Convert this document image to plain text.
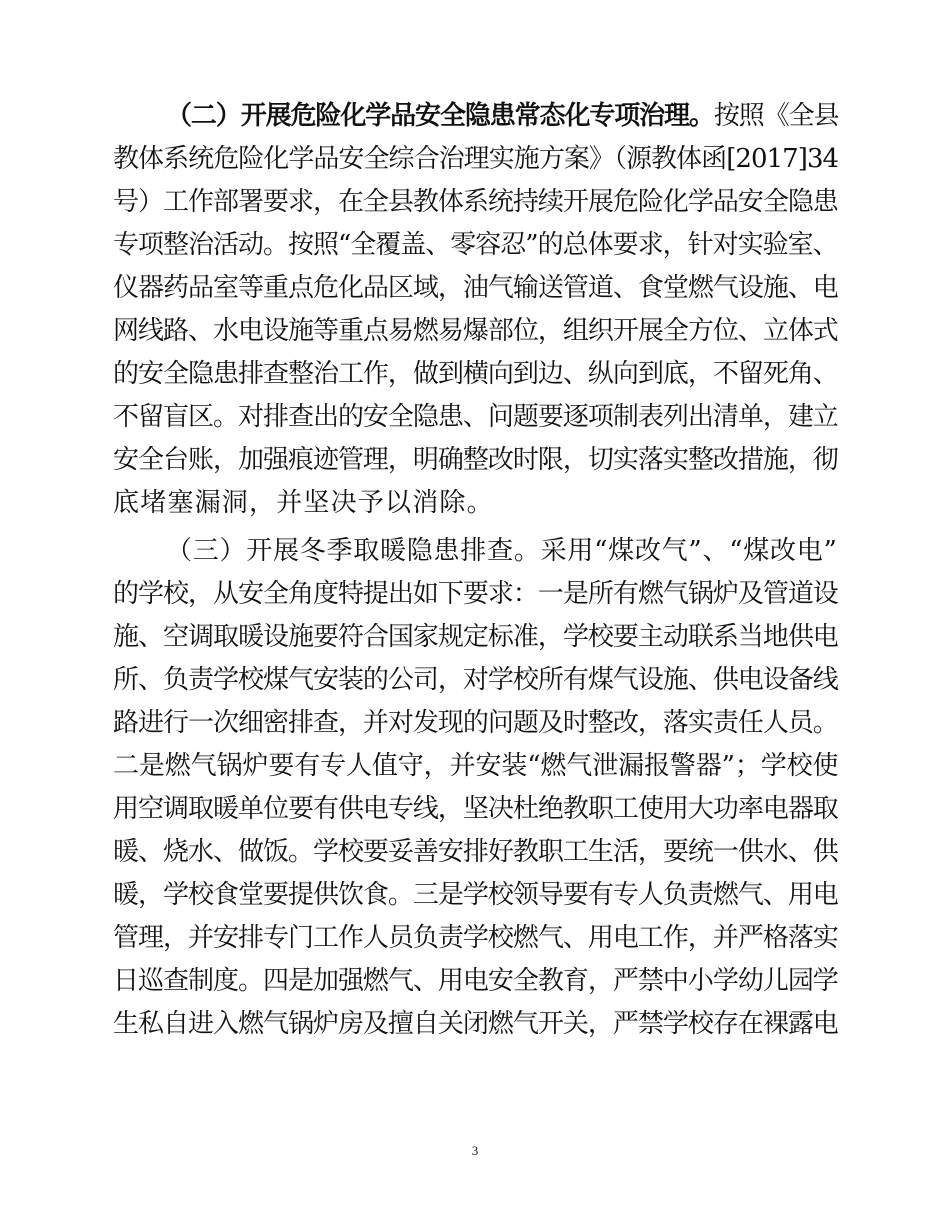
（二）开展危险化学品安全隐患常态化专项治理。按照《全县
教体系统危险化学品安全综合治理实施方案》（源教体函[2017]34
号）工作部署要求，在全县教体系统持续开展危险化学品安全隐患
专项整治活动。按照“全覆盖、零容忍”的总体要求，针对实验室、
仪器药品室等重点危化品区域，油气输送管道、食堂燃气设施、电
网线路、水电设施等重点易燃易爆部位，组织开展全方位、立体式
的安全隐患排查整治工作，做到横向到边、纵向到底，不留死角、
不留盲区。对排查出的安全隐患、问题要逐项制表列出清单，建立
安全台账，加强痕迹管理，明确整改时限，切实落实整改措施，彻
底堵塞漏洞，并坚决予以消除。
（三）开展冬季取暖隐患排查。采用“煤改气”、“煤改电”
的学校，从安全角度特提出如下要求：一是所有燃气锅炉及管道设
施、空调取暖设施要符合国家规定标准，学校要主动联系当地供电
所、负责学校煤气安装的公司，对学校所有煤气设施、供电设备线
路进行一次细密排查，并对发现的问题及时整改，落实责任人员。
二是燃气锅炉要有专人值守，并安装“燃气泄漏报警器”；学校使
用空调取暖单位要有供电专线，坚决杜绝教职工使用大功率电器取
暖、烧水、做饭。学校要妥善安排好教职工生活，要统一供水、供
暖，学校食堂要提供饮食。三是学校领导要有专人负责燃气、用电
管理，并安排专门工作人员负责学校燃气、用电工作，并严格落实
日巡查制度。四是加强燃气、用电安全教育，严禁中小学幼儿园学
生私自进入燃气锅炉房及擅自关闭燃气开关，严禁学校存在裸露电
3
